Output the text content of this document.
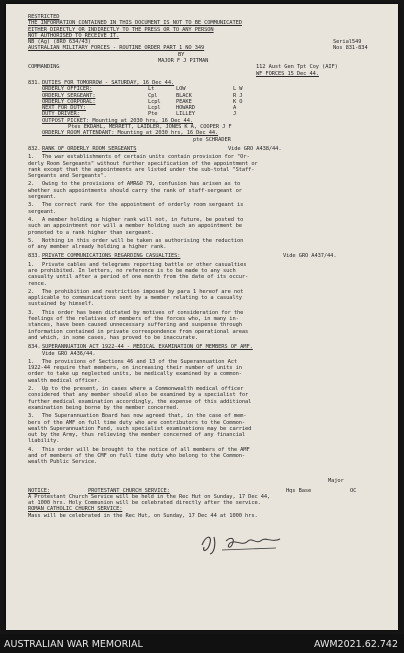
RESTRICTED
THE INFORMATION CONTAINED IN THIS DOCUMENT IS NOT TO BE COMMUNICATED
EITHER DIRECTLY OR INDIRECTLY TO THE PRESS OR TO ANY PERSON
NOT AUTHORISED TO RECEIVE IT.
NB (Ag) (8R0 634/43)	Serial549
AUSTRALIAN MILITARY FORCES - ROUTINE ORDER PART 1 NO 349	Nos 831-834
BY
MAJOR F J PITMAN
COMMANDING	112 Aust Gen Tpt Coy (AIF)
WF FORCES 15 Dec 44.
831.DUTIES FOR TOMORROW - SATURDAY, 16 Dec 44.
ORDERLY OFFICER:	Lt	LOW	L W
ORDERLY SERGEANT:	Cpl	BLACK	R J
ORDERLY CORPORAL:	Lcpl	PEAKE	K O
NEXT FOR DUTY:	Lcpl	HOWARD	A
DUTY DRIVER:	Pte	LILLEY	J
OUTPOST PICKET: Mounting at 2030 hrs, 16 Dec 44.
Ptes EKDAHL, MERRETT, LAIDLER, JONES K A, COOPER J F
ORDERLY ROOM ATTENDANT: Mounting at 2030 hrs, 16 Dec 44.
pte SCHRADER
832.RANK OF ORDERLY ROOM SERGEANTS	Vide GRO A438/44.
1. The war establishments of certain units contain provision for "Or-
derly Room Sergeants" without further specification of the appointment or
rank except that the appointments are listed under the sub-total "Staff-
Sergeants and Sergeants".
2. Owing to the provisions of AMR&O 79, confusion has arisen as to
whether such appointments should carry the rank of staff-sergeant or
sergeant.
3. The correct rank for the appointment of orderly room sergeant is
sergeant.
4. A member holding a higher rank will not, in future, be posted to
such an appointment nor will a member holding such an appointment be
promoted to a rank higher than sergeant.
5. Nothing in this order will be taken as authorising the reduction
of any member already holding a higher rank.
833.PRIVATE COMMUNICATIONS REGARDING CASUALTIES:	Vide GRO A437/44.
1. Private cables and telegrams reporting battle or other casualties
are prohibited. In letters, no reference is to be made to any such
casualty until after a period of one month from the date of its occur-
rence.
2. The prohibition and restriction imposed by para 1 hereof are not
applicable to communications sent by a member relating to a casualty
sustained by himself.
3. This order has been dictated by motives of consideration for the
feelings of the relatives of members of the forces who, in many in-
stances, have been caused unnecessary suffering and suspense through
information contained in private correspondence from operational areas
and which, in some cases, has proved to be inaccurate.
834.SUPERANNUATION ACT 1922-44 - MEDICAL EXAMINATION OF MEMBERS OF AMF.
Vide GRO A436/44.
1. The provisions of Sections 46 and 13 of the Superannuation Act
1922-44 require that members, on increasing their number of units in
order to take up neglected units, be medically examined by a common-
wealth medical officer.
2. Up to the present, in cases where a Commonwealth medical officer
considered that any member should also be examined by a specialist for
further medical examination accordingly, the expense of this additional
examination being borne by the member concerned.
3. The Superannuation Board has now agreed that, in the case of mem-
bers of the AMF on full time duty who are contributors to the Common-
wealth Superannuation Fund, such specialist examinations may be carried
out by the Army, thus relieving the member concerned of any financial
liability.
4. This order will be brought to the notice of all members of the AMF
and of members of the CMF on full time duty who belong to the Common-
wealth Public Service.
Major
NOTICE:	PROTESTANT CHURCH SERVICE:	Hqs Base	OC
A Protestant Church Service will be held in the Rec Hut on Sunday, 17 Dec 44,
at 1000 hrs. Holy Communion will be celebrated directly after the service.
ROMAN CATHOLIC CHURCH SERVICE:
Mass will be celebrated in the Rec Hut, on Sunday, 17 Dec 44 at 1000 hrs.
AUSTRALIAN WAR MEMORIAL	AWM2021.62.742
